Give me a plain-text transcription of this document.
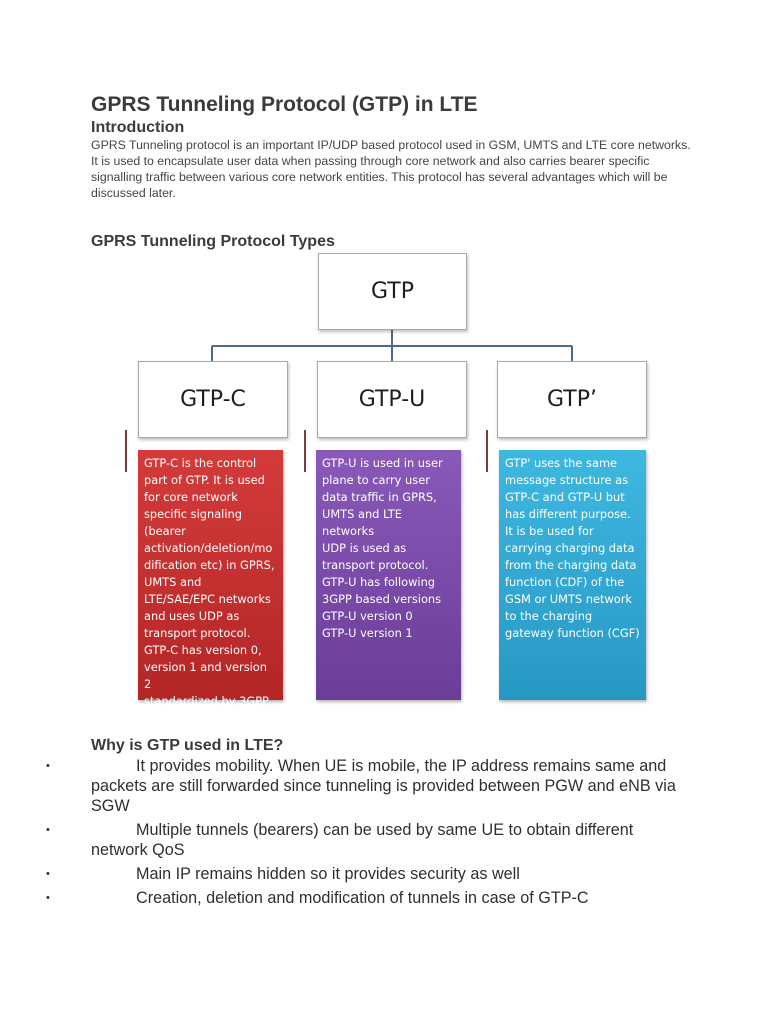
GPRS Tunneling Protocol (GTP) in LTE
Introduction

GPRS Tunneling protocol is an important IP/UDP based protocol used in GSM, UMTS and LTE core networks. It is used to encapsulate user data when passing through core network and also carries bearer specific signalling traffic between various core network entities. This protocol has several advantages which will be discussed later.

GPRS Tunneling Protocol Types
GTP
GTP-C	GTP-U	GTP’
GTP-C is the control
part of GTP. It is used
for core network
specific signaling
(bearer
activation/deletion/mo
dification etc) in GPRS,
UMTS and
LTE/SAE/EPC networks
and uses UDP as
transport protocol.
GTP-C has version 0,
version 1 and version 2
standardized by 3GPP
GTP-U is used in user
plane to carry user
data traffic in GPRS,
UMTS and LTE
networks
UDP is used as
transport protocol.
GTP-U has following
3GPP based versions
GTP-U version 0
GTP-U version 1
GTP' uses the same
message structure as
GTP-C and GTP-U but
has different purpose.
It is be used for
carrying charging data
from the charging data
function (CDF) of the
GSM or UMTS network
to the charging
gateway function (CGF)
Why is GTP used in LTE?
•	It provides mobility. When UE is mobile, the IP address remains same and packets are still forwarded since tunneling is provided between PGW and eNB via SGW
•	Multiple tunnels (bearers) can be used by same UE to obtain different network QoS
•	Main IP remains hidden so it provides security as well
•	Creation, deletion and modification of tunnels in case of GTP-C
